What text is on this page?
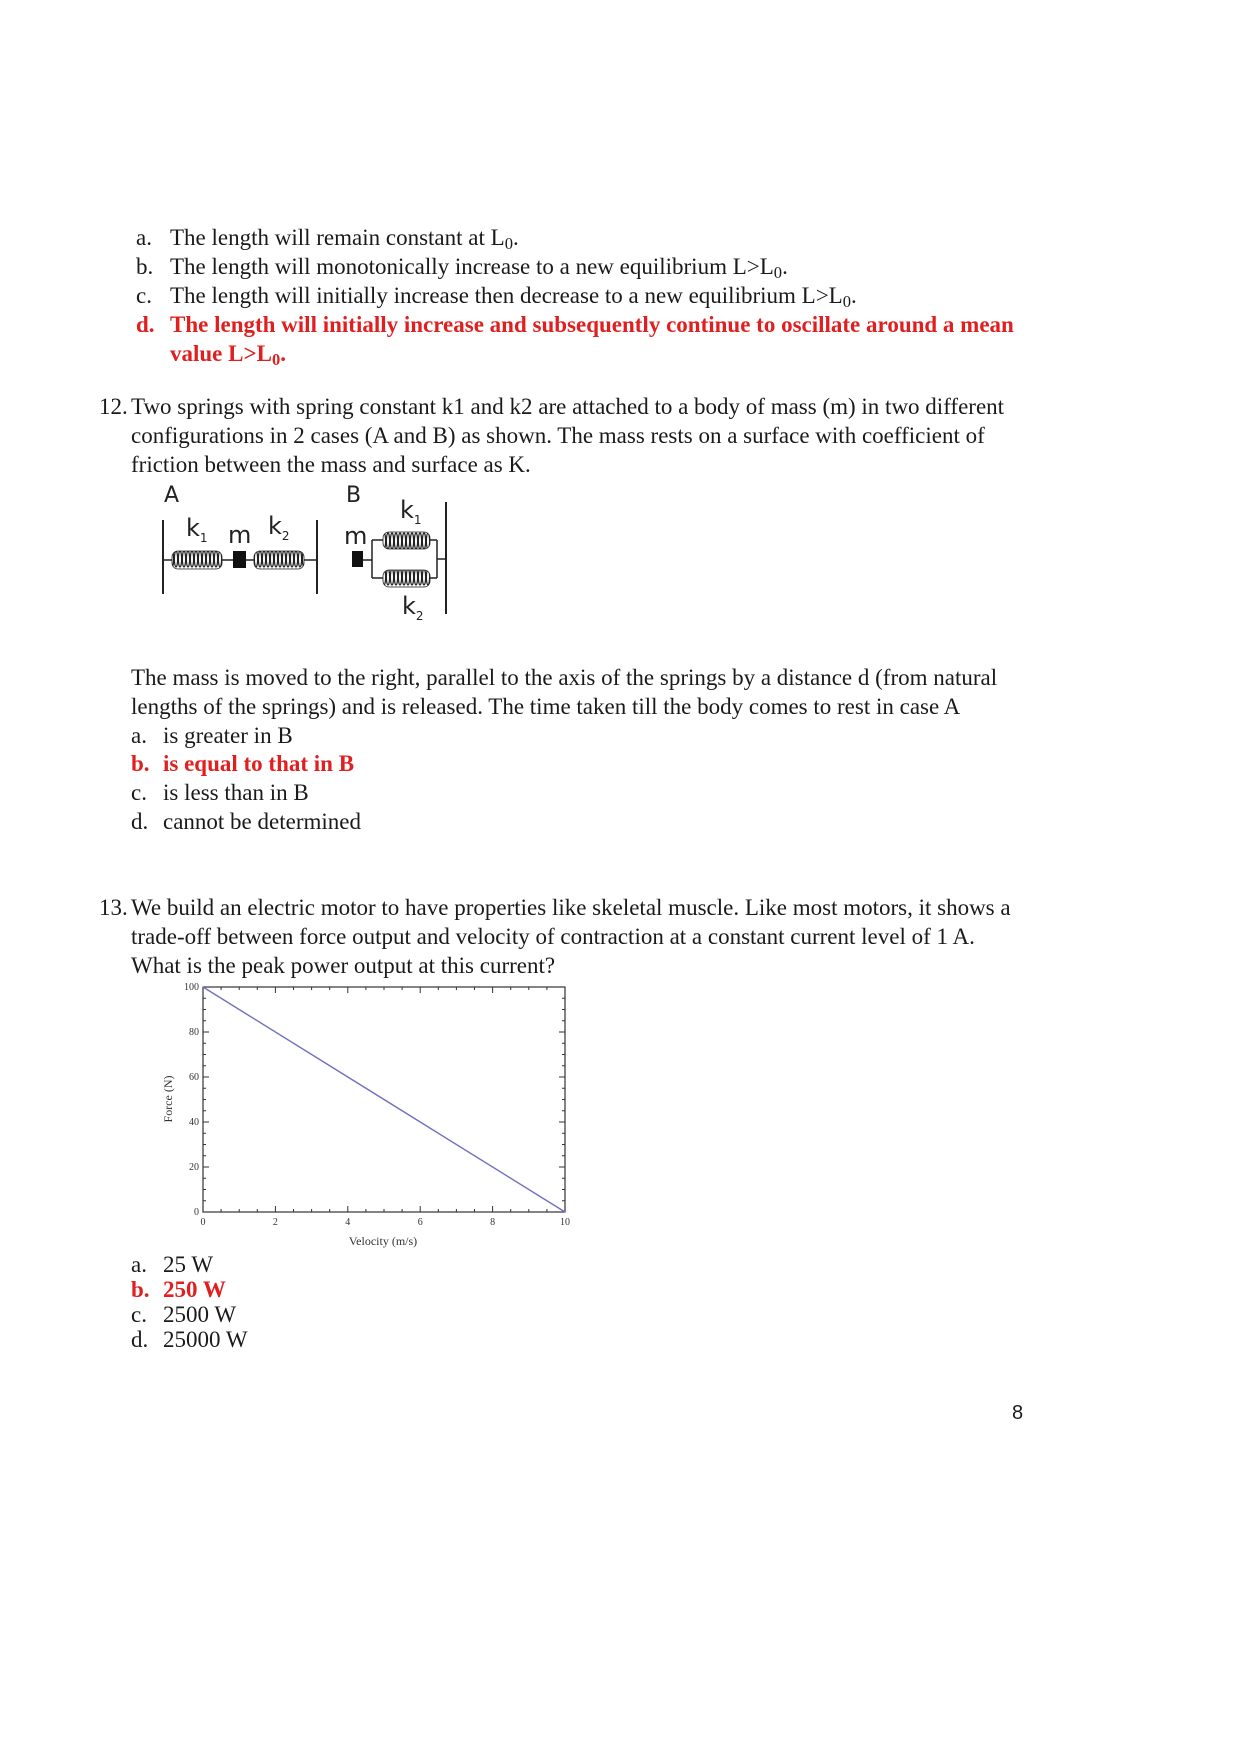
a. The length will remain constant at $L_0$.
b. The length will monotonically increase to a new equilibrium $L>L_0$.
c. The length will initially increase then decrease to a new equilibrium $L>L_0$.
d. The length will initially increase and subsequently continue to oscillate around a mean
value $L>L_0$.
12. Two springs with spring constant k1 and k2 are attached to a body of mass (m) in two different
configurations in 2 cases (A and B) as shown. The mass rests on a surface with coefficient of
friction between the mass and surface as K.
A
$k_1$ m $k_2$
B
m
$k_1$
$k_2$
The mass is moved to the right, parallel to the axis of the springs by a distance d (from natural
lengths of the springs) and is released. The time taken till the body comes to rest in case A
a. is greater in B
b. is equal to that in B
c. is less than in B
d. cannot be determined
13. We build an electric motor to have properties like skeletal muscle. Like most motors, it shows a
trade-off between force output and velocity of contraction at a constant current level of 1 A.
What is the peak power output at this current?
0	2	4	6	8	10
0
20
40
60
80
100
Velocity (m/s)
Force (N)
a. 25 W
b. 250 W
c. 2500 W
d. 25000 W
8
